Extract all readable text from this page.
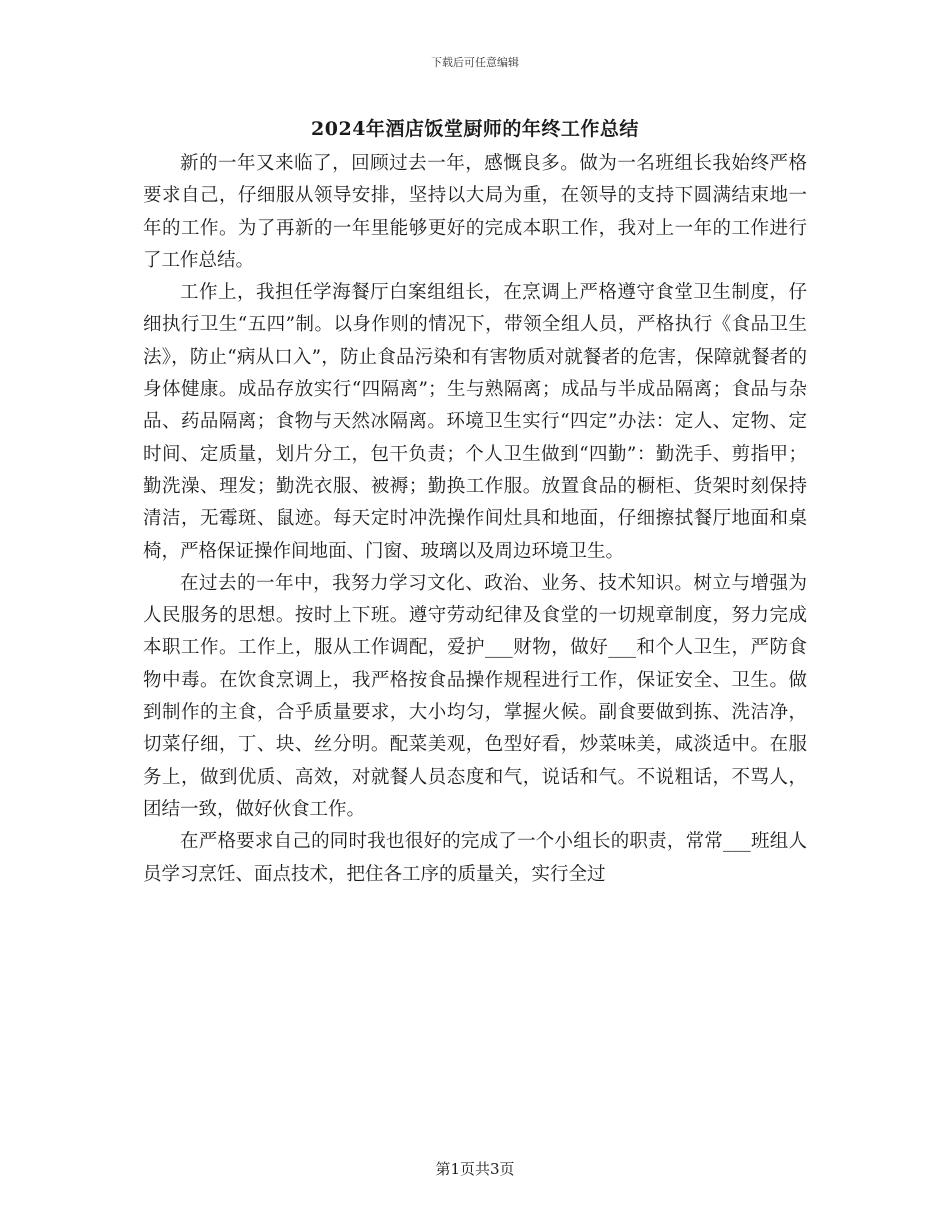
下载后可任意编辑
2024年酒店饭堂厨师的年终工作总结

新的一年又来临了，回顾过去一年，感慨良多。做为一名班组长我始终严格要求自己，仔细服从领导安排，坚持以大局为重，在领导的支持下圆满结束地一年的工作。为了再新的一年里能够更好的完成本职工作，我对上一年的工作进行了工作总结。

工作上，我担任学海餐厅白案组组长，在烹调上严格遵守食堂卫生制度，仔细执行卫生“五四”制。以身作则的情况下，带领全组人员，严格执行《食品卫生法》，防止“病从口入”，防止食品污染和有害物质对就餐者的危害，保障就餐者的身体健康。成品存放实行“四隔离”；生与熟隔离；成品与半成品隔离；食品与杂品、药品隔离；食物与天然冰隔离。环境卫生实行“四定”办法：定人、定物、定时间、定质量，划片分工，包干负责；个人卫生做到“四勤”：勤洗手、剪指甲；勤洗澡、理发；勤洗衣服、被褥；勤换工作服。放置食品的橱柜、货架时刻保持清洁，无霉斑、鼠迹。每天定时冲洗操作间灶具和地面，仔细擦拭餐厅地面和桌椅，严格保证操作间地面、门窗、玻璃以及周边环境卫生。

在过去的一年中，我努力学习文化、政治、业务、技术知识。树立与增强为人民服务的思想。按时上下班。遵守劳动纪律及食堂的一切规章制度，努力完成本职工作。工作上，服从工作调配，爱护___财物，做好___和个人卫生，严防食物中毒。在饮食烹调上，我严格按食品操作规程进行工作，保证安全、卫生。做到制作的主食，合乎质量要求，大小均匀，掌握火候。副食要做到拣、洗洁净，切菜仔细，丁、块、丝分明。配菜美观，色型好看，炒菜味美，咸淡适中。在服务上，做到优质、高效，对就餐人员态度和气，说话和气。不说粗话，不骂人，团结一致，做好伙食工作。

在严格要求自己的同时我也很好的完成了一个小组长的职责，常常___班组人员学习烹饪、面点技术，把住各工序的质量关，实行全过

第1页共3页
